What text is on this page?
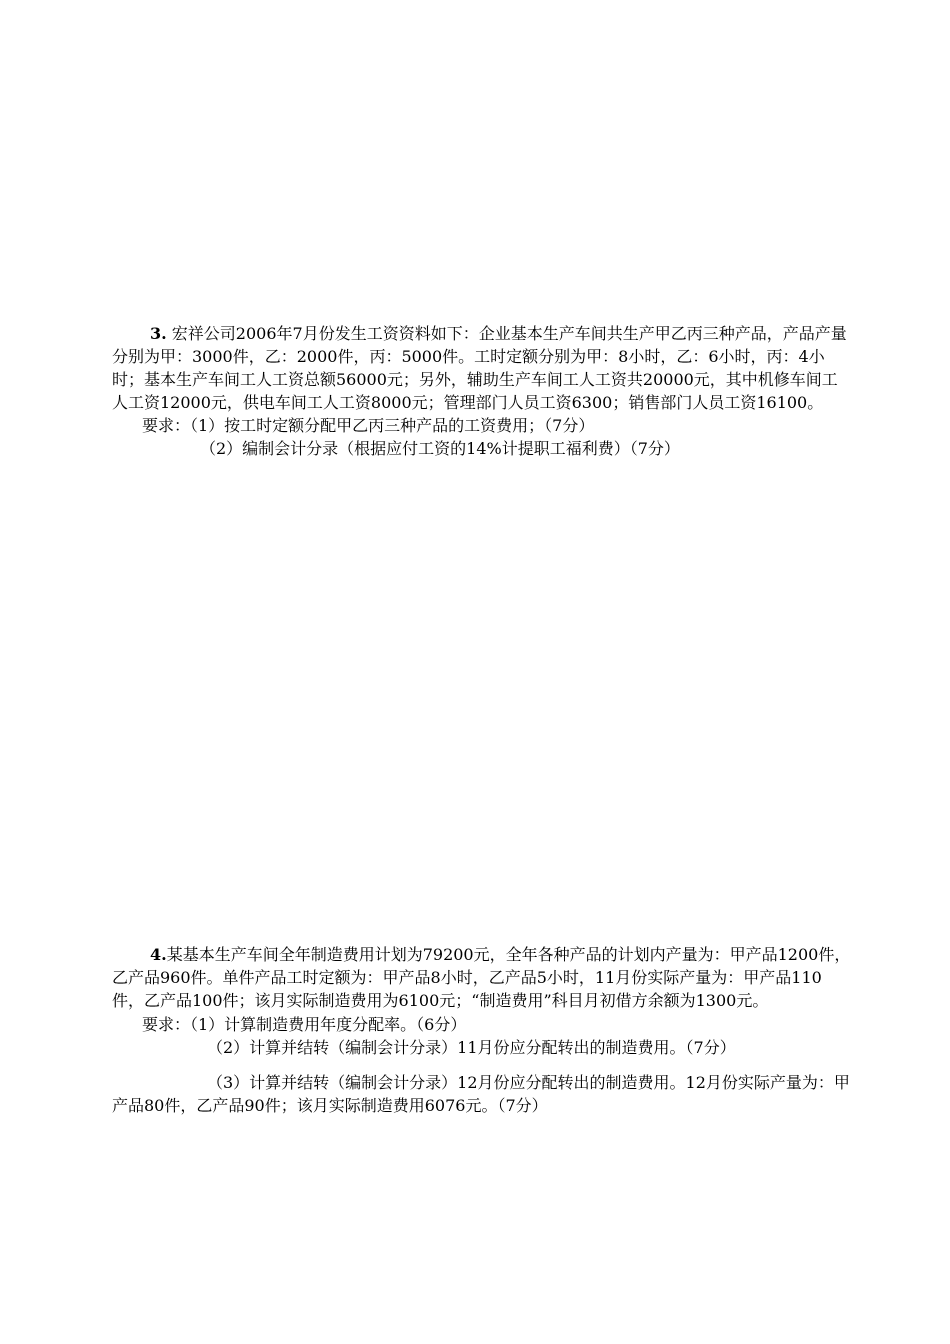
3. 宏祥公司2006年7月份发生工资资料如下：企业基本生产车间共生产甲乙丙三种产品，产品产量分别为甲：3000件，乙：2000件，丙：5000件。工时定额分别为甲：8小时，乙：6小时，丙：4小时；基本生产车间工人工资总额56000元；另外，辅助生产车间工人工资共20000元，其中机修车间工人工资12000元，供电车间工人工资8000元；管理部门人员工资6300；销售部门人员工资16100。

要求：（1）按工时定额分配甲乙丙三种产品的工资费用；（7分）

（2）编制会计分录（根据应付工资的14%计提职工福利费）（7分）

4.某基本生产车间全年制造费用计划为79200元，全年各种产品的计划内产量为：甲产品1200件，乙产品960件。单件产品工时定额为：甲产品8小时，乙产品5小时，11月份实际产量为：甲产品110件，乙产品100件；该月实际制造费用为6100元；“制造费用”科目月初借方余额为1300元。

要求：（1）计算制造费用年度分配率。（6分）

（2）计算并结转（编制会计分录）11月份应分配转出的制造费用。（7分）

（3）计算并结转（编制会计分录）12月份应分配转出的制造费用。12月份实际产量为：甲产品80件，乙产品90件；该月实际制造费用6076元。（7分）
